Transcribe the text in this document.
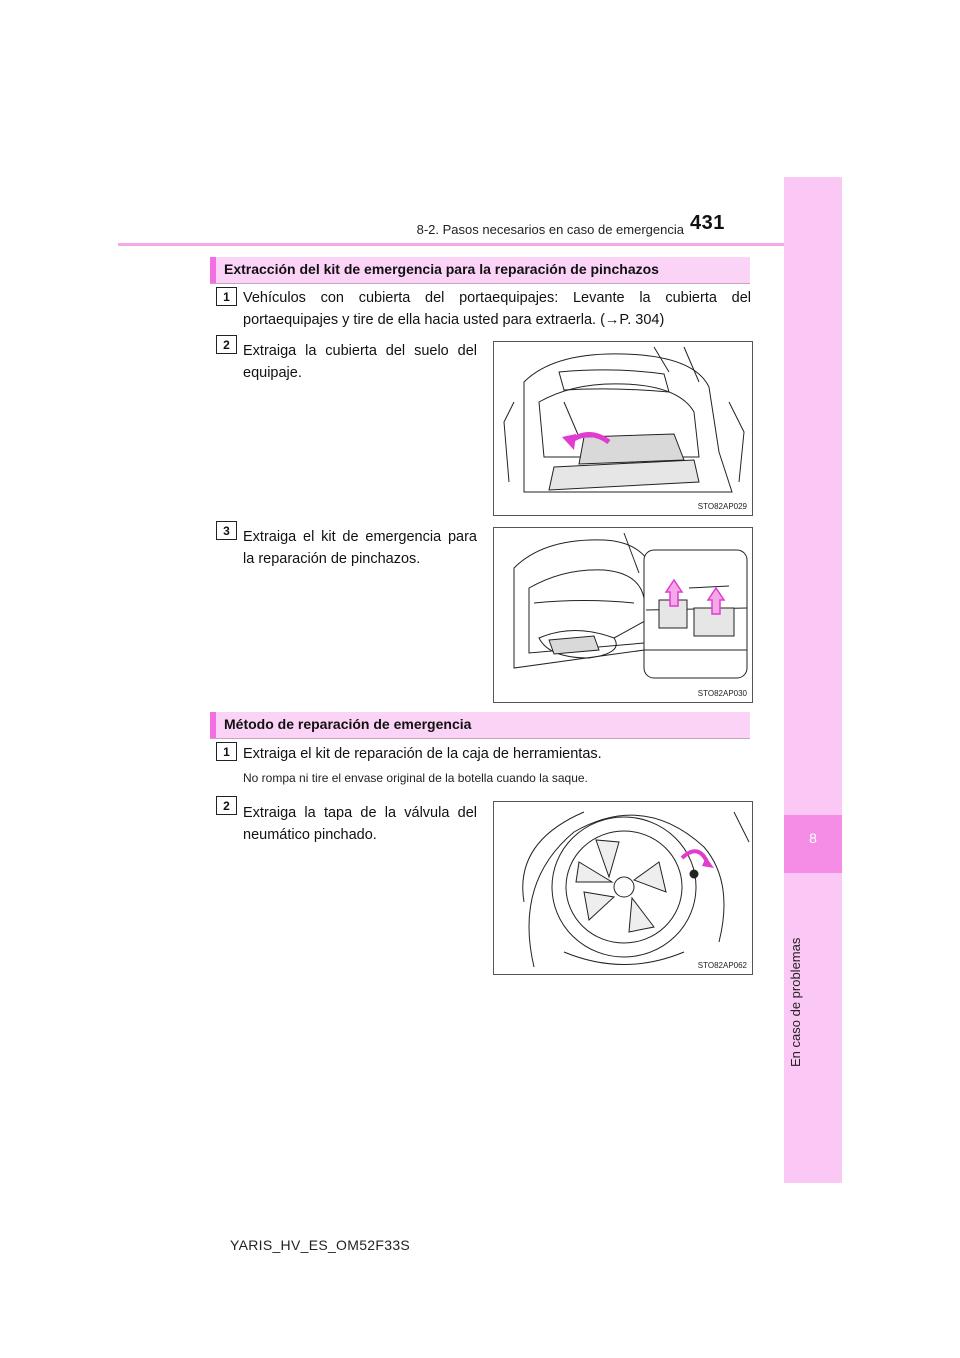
8-2. Pasos necesarios en caso de emergencia 431
8
En caso de problemas
Extracción del kit de emergencia para la reparación de pinchazos
1 Vehículos con cubierta del portaequipajes: Levante la cubierta del portaequipajes y tire de ella hacia usted para extraerla. (→P. 304)
2 Extraiga la cubierta del suelo del equipaje.
STO82AP029
3 Extraiga el kit de emergencia para la reparación de pinchazos.
STO82AP030
Método de reparación de emergencia
1 Extraiga el kit de reparación de la caja de herramientas.
No rompa ni tire el envase original de la botella cuando la saque.
2 Extraiga la tapa de la válvula del neumático pinchado.
STO82AP062
YARIS_HV_ES_OM52F33S
